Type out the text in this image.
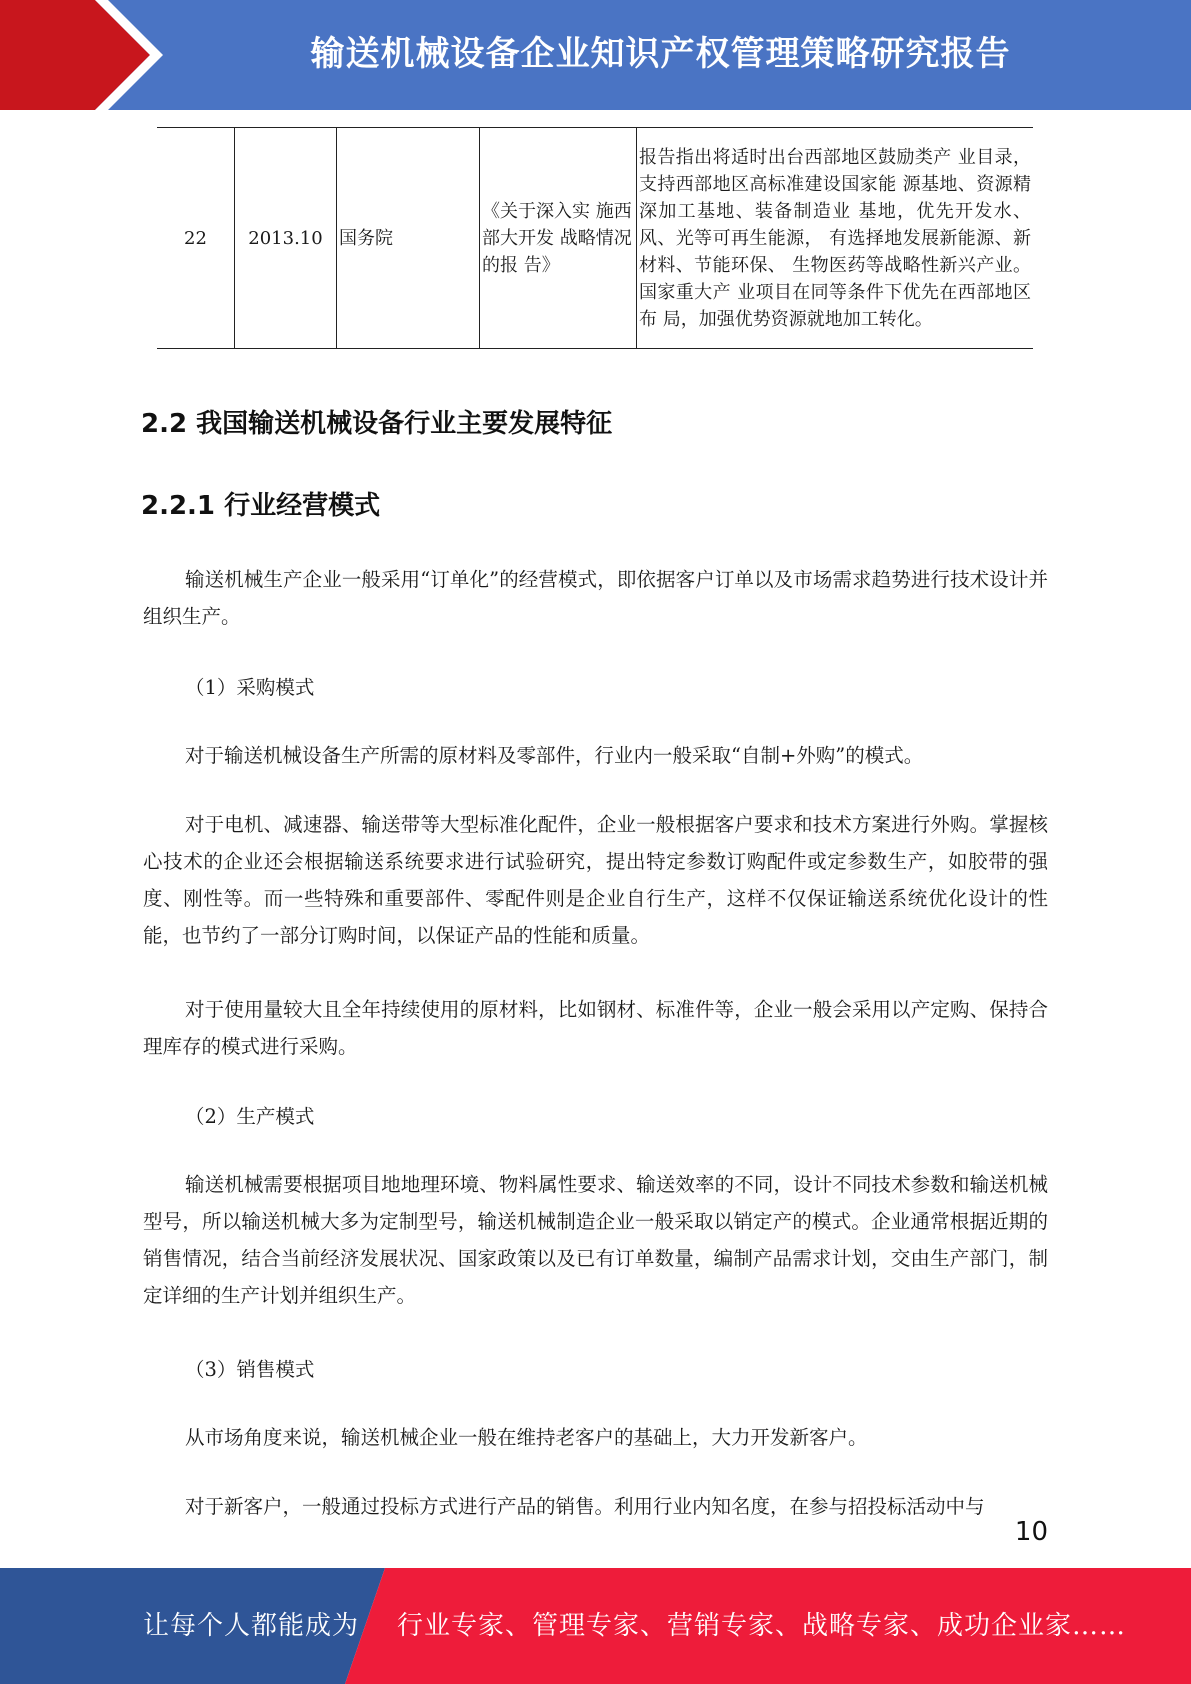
输送机械设备企业知识产权管理策略研究报告
22	2013.10	国务院	《关于深入实 施西部大开发 战略情况的报 告》	报告指出将适时出台西部地区鼓励类产 业目录，支持西部地区高标准建设国家能 源基地、资源精深加工基地、装备制造业 基地，优先开发水、风、光等可再生能源， 有选择地发展新能源、新材料、节能环保、 生物医药等战略性新兴产业。国家重大产 业项目在同等条件下优先在西部地区布 局，加强优势资源就地加工转化。
2.2 我国输送机械设备行业主要发展特征
2.2.1 行业经营模式

输送机械生产企业一般采用“订单化”的经营模式，即依据客户订单以及市场需求趋势进行技术设计并组织生产。

（1）采购模式

对于输送机械设备生产所需的原材料及零部件，行业内一般采取“自制+外购”的模式。

对于电机、减速器、输送带等大型标准化配件，企业一般根据客户要求和技术方案进行外购。掌握核心技术的企业还会根据输送系统要求进行试验研究，提出特定参数订购配件或定参数生产，如胶带的强度、刚性等。而一些特殊和重要部件、零配件则是企业自行生产，这样不仅保证输送系统优化设计的性能，也节约了一部分订购时间，以保证产品的性能和质量。

对于使用量较大且全年持续使用的原材料，比如钢材、标准件等，企业一般会采用以产定购、保持合理库存的模式进行采购。

（2）生产模式

输送机械需要根据项目地地理环境、物料属性要求、输送效率的不同，设计不同技术参数和输送机械型号，所以输送机械大多为定制型号，输送机械制造企业一般采取以销定产的模式。企业通常根据近期的销售情况，结合当前经济发展状况、国家政策以及已有订单数量，编制产品需求计划，交由生产部门，制定详细的生产计划并组织生产。

（3）销售模式

从市场角度来说，输送机械企业一般在维持老客户的基础上，大力开发新客户。

对于新客户，一般通过投标方式进行产品的销售。利用行业内知名度，在参与招投标活动中与

10
让每个人都能成为 行业专家、管理专家、营销专家、战略专家、成功企业家……
